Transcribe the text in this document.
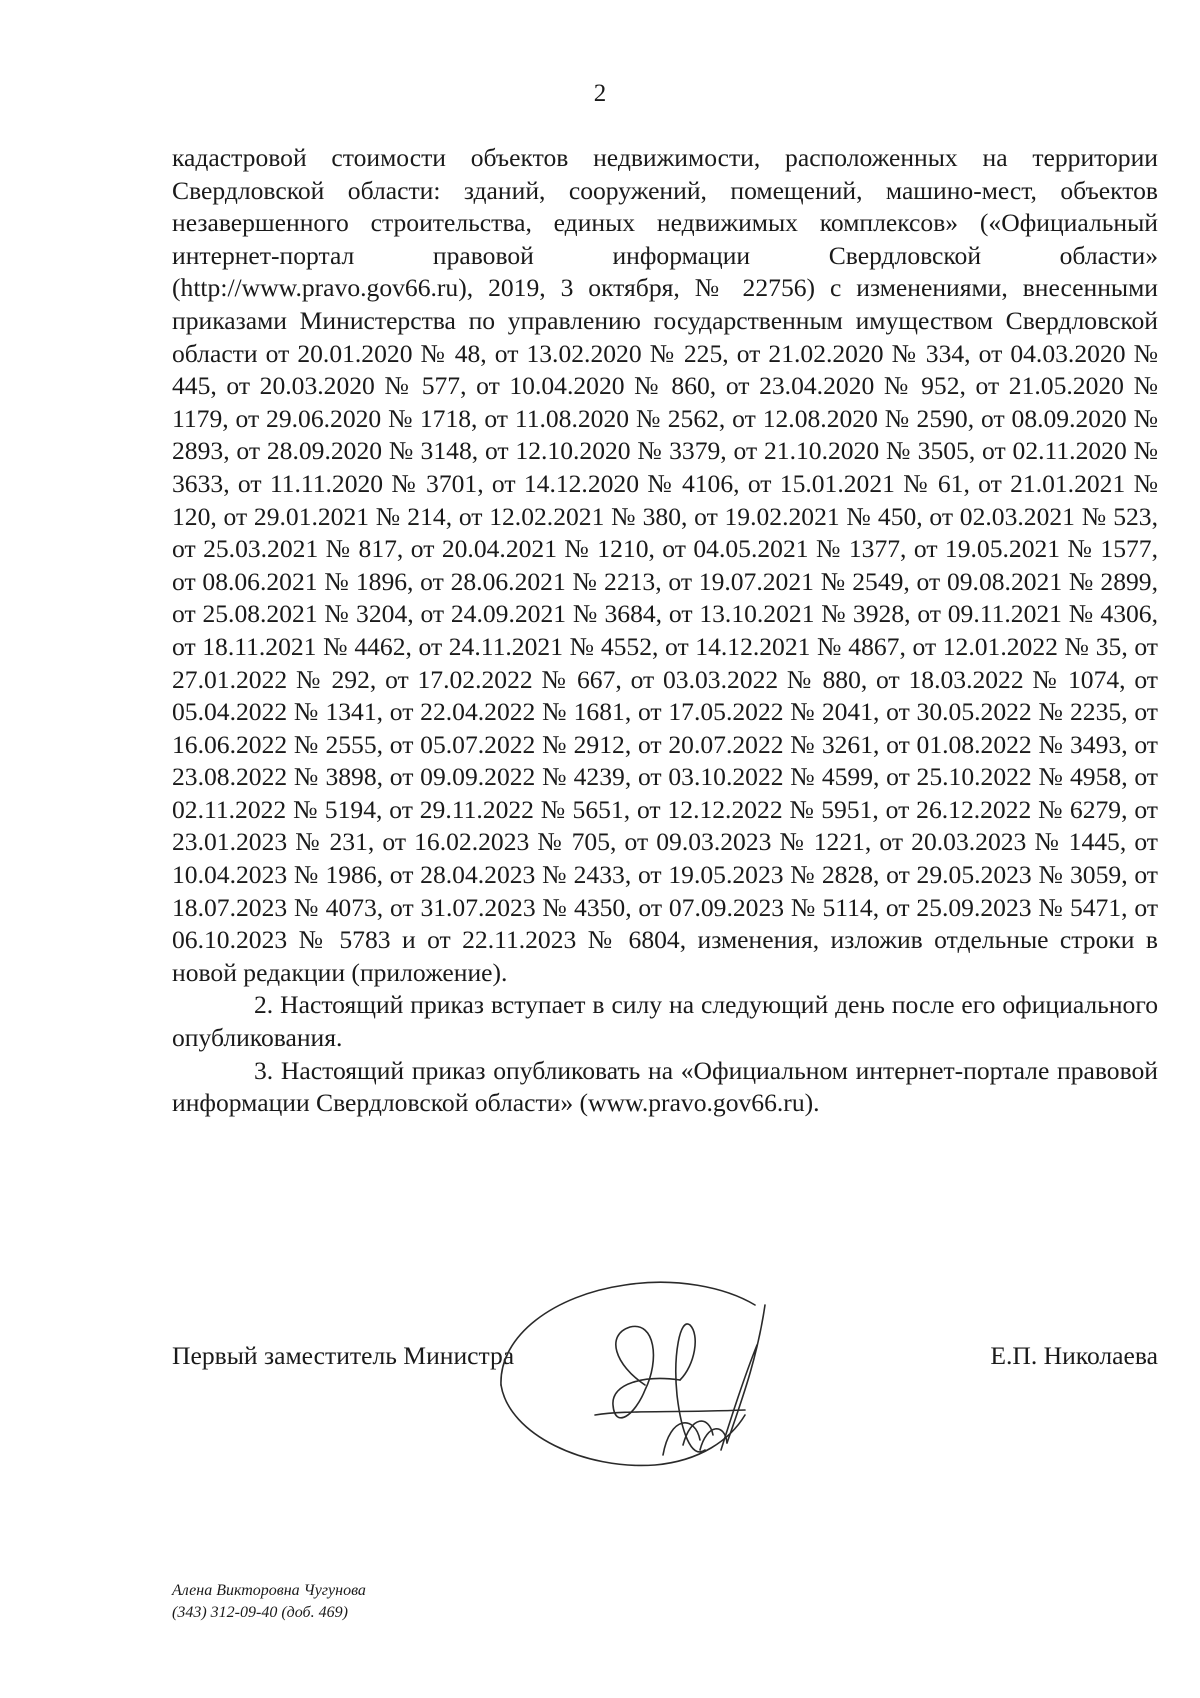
2

кадастровой стоимости объектов недвижимости, расположенных на территории Свердловской области: зданий, сооружений, помещений, машино-мест, объектов незавершенного строительства, единых недвижимых комплексов» («Официальный интернет-портал правовой информации Свердловской области» (http://www.pravo.gov66.ru), 2019, 3 октября, № 22756) с изменениями, внесенными приказами Министерства по управлению государственным имуществом Свердловской области от 20.01.2020 № 48, от 13.02.2020 № 225, от 21.02.2020 № 334, от 04.03.2020 № 445, от 20.03.2020 № 577, от 10.04.2020 № 860, от 23.04.2020 № 952, от 21.05.2020 № 1179, от 29.06.2020 № 1718, от 11.08.2020 № 2562, от 12.08.2020 № 2590, от 08.09.2020 № 2893, от 28.09.2020 № 3148, от 12.10.2020 № 3379, от 21.10.2020 № 3505, от 02.11.2020 № 3633, от 11.11.2020 № 3701, от 14.12.2020 № 4106, от 15.01.2021 № 61, от 21.01.2021 № 120, от 29.01.2021 № 214, от 12.02.2021 № 380, от 19.02.2021 № 450, от 02.03.2021 № 523, от 25.03.2021 № 817, от 20.04.2021 № 1210, от 04.05.2021 № 1377, от 19.05.2021 № 1577, от 08.06.2021 № 1896, от 28.06.2021 № 2213, от 19.07.2021 № 2549, от 09.08.2021 № 2899, от 25.08.2021 № 3204, от 24.09.2021 № 3684, от 13.10.2021 № 3928, от 09.11.2021 № 4306, от 18.11.2021 № 4462, от 24.11.2021 № 4552, от 14.12.2021 № 4867, от 12.01.2022 № 35, от 27.01.2022 № 292, от 17.02.2022 № 667, от 03.03.2022 № 880, от 18.03.2022 № 1074, от 05.04.2022 № 1341, от 22.04.2022 № 1681, от 17.05.2022 № 2041, от 30.05.2022 № 2235, от 16.06.2022 № 2555, от 05.07.2022 № 2912, от 20.07.2022 № 3261, от 01.08.2022 № 3493, от 23.08.2022 № 3898, от 09.09.2022 № 4239, от 03.10.2022 № 4599, от 25.10.2022 № 4958, от 02.11.2022 № 5194, от 29.11.2022 № 5651, от 12.12.2022 № 5951, от 26.12.2022 № 6279, от 23.01.2023 № 231, от 16.02.2023 № 705, от 09.03.2023 № 1221, от 20.03.2023 № 1445, от 10.04.2023 № 1986, от 28.04.2023 № 2433, от 19.05.2023 № 2828, от 29.05.2023 № 3059, от 18.07.2023 № 4073, от 31.07.2023 № 4350, от 07.09.2023 № 5114, от 25.09.2023 № 5471, от 06.10.2023 № 5783 и от 22.11.2023 № 6804, изменения, изложив отдельные строки в новой редакции (приложение).

2. Настоящий приказ вступает в силу на следующий день после его официального опубликования.

3. Настоящий приказ опубликовать на «Официальном интернет-портале правовой информации Свердловской области» (www.pravo.gov66.ru).

Первый заместитель Министра	Е.П. Николаева
Алена Викторовна Чугунова
(343) 312-09-40 (доб. 469)
